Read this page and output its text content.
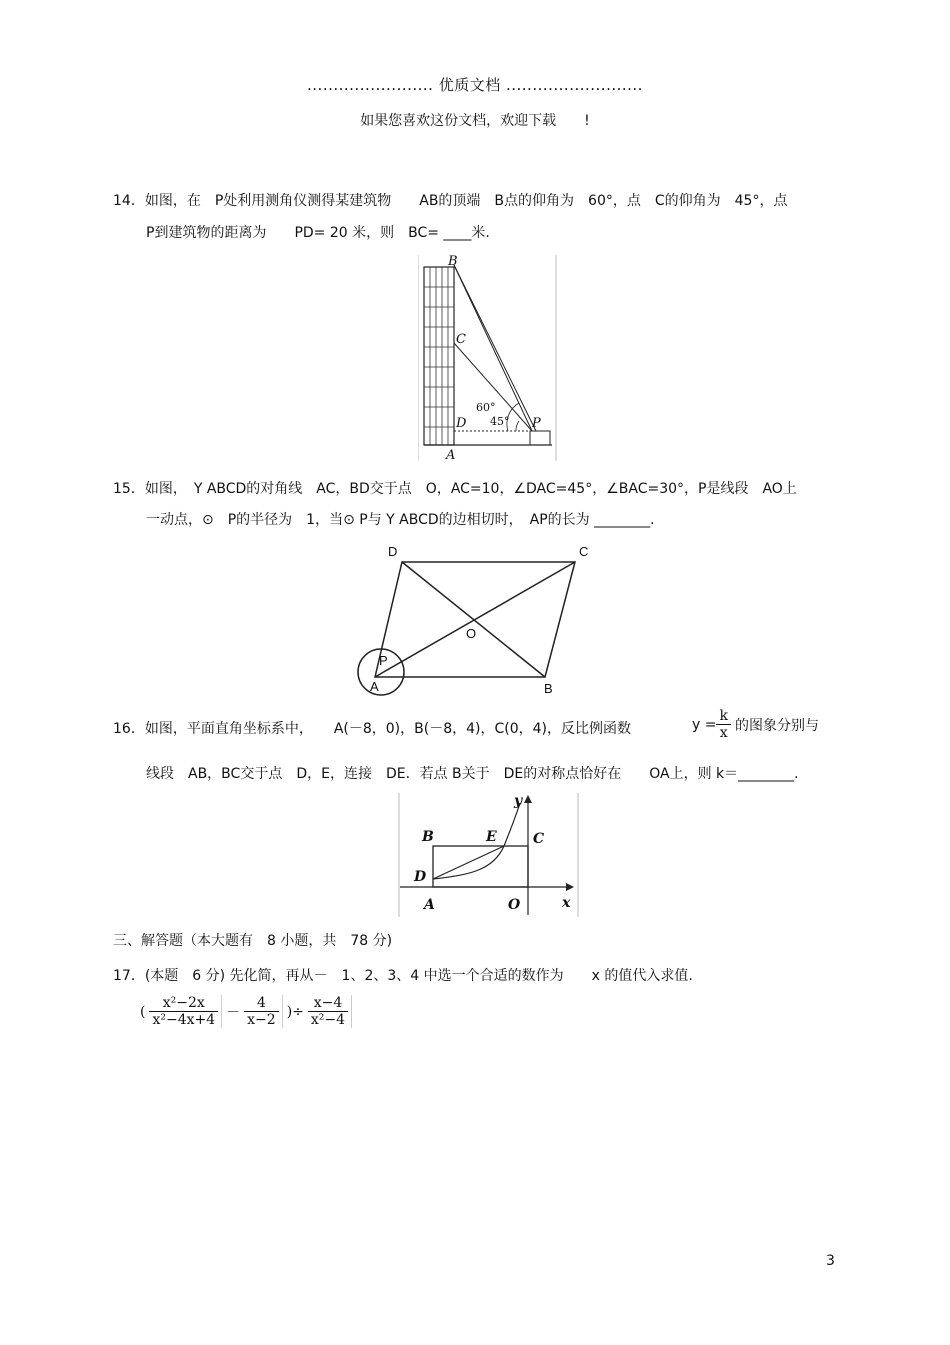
........................ 优质文档 ..........................
如果您喜欢这份文档，欢迎下载　　!
14．如图，在　P处利用测角仪测得某建筑物　　AB的顶端　B点的仰角为　60°，点　C的仰角为　45°，点
P到建筑物的距离为　　PD= 20 米，则　BC= ____米.
B
C
D
A
P
60°
45°
15．如图，　Y ABCD的对角线　AC，BD交于点　O，AC=10，∠DAC=45°，∠BAC=30°，P是线段　AO上
一动点，⊙　P的半径为　1，当⊙ P与 Y ABCD的边相切时，　AP的长为 ________.
D	C
O
P
A	B
16．如图，平面直角坐标系中，　　A(－8，0)，B(－8，4)，C(0，4)，反比例函数	$y = \frac{k}{x}$ 的图象分别与
线段　AB，BC交于点　D，E，连接　DE．若点 B关于　DE的对称点恰好在　　OA上，则 k＝________.
B	E	C
D
A	O
y
x
三、解答题（本大题有　8 小题，共　78 分)
17．(本题　6 分) 先化简，再从－　1、2、3、4 中选一个合适的数作为　　x 的值代入求值.
( $\frac{\text{x²−2x}}{\text{x²−4x+4}} - \frac{4}{x-2}$ )÷ $\frac{x-4}{\text{x²−4}}$
3
